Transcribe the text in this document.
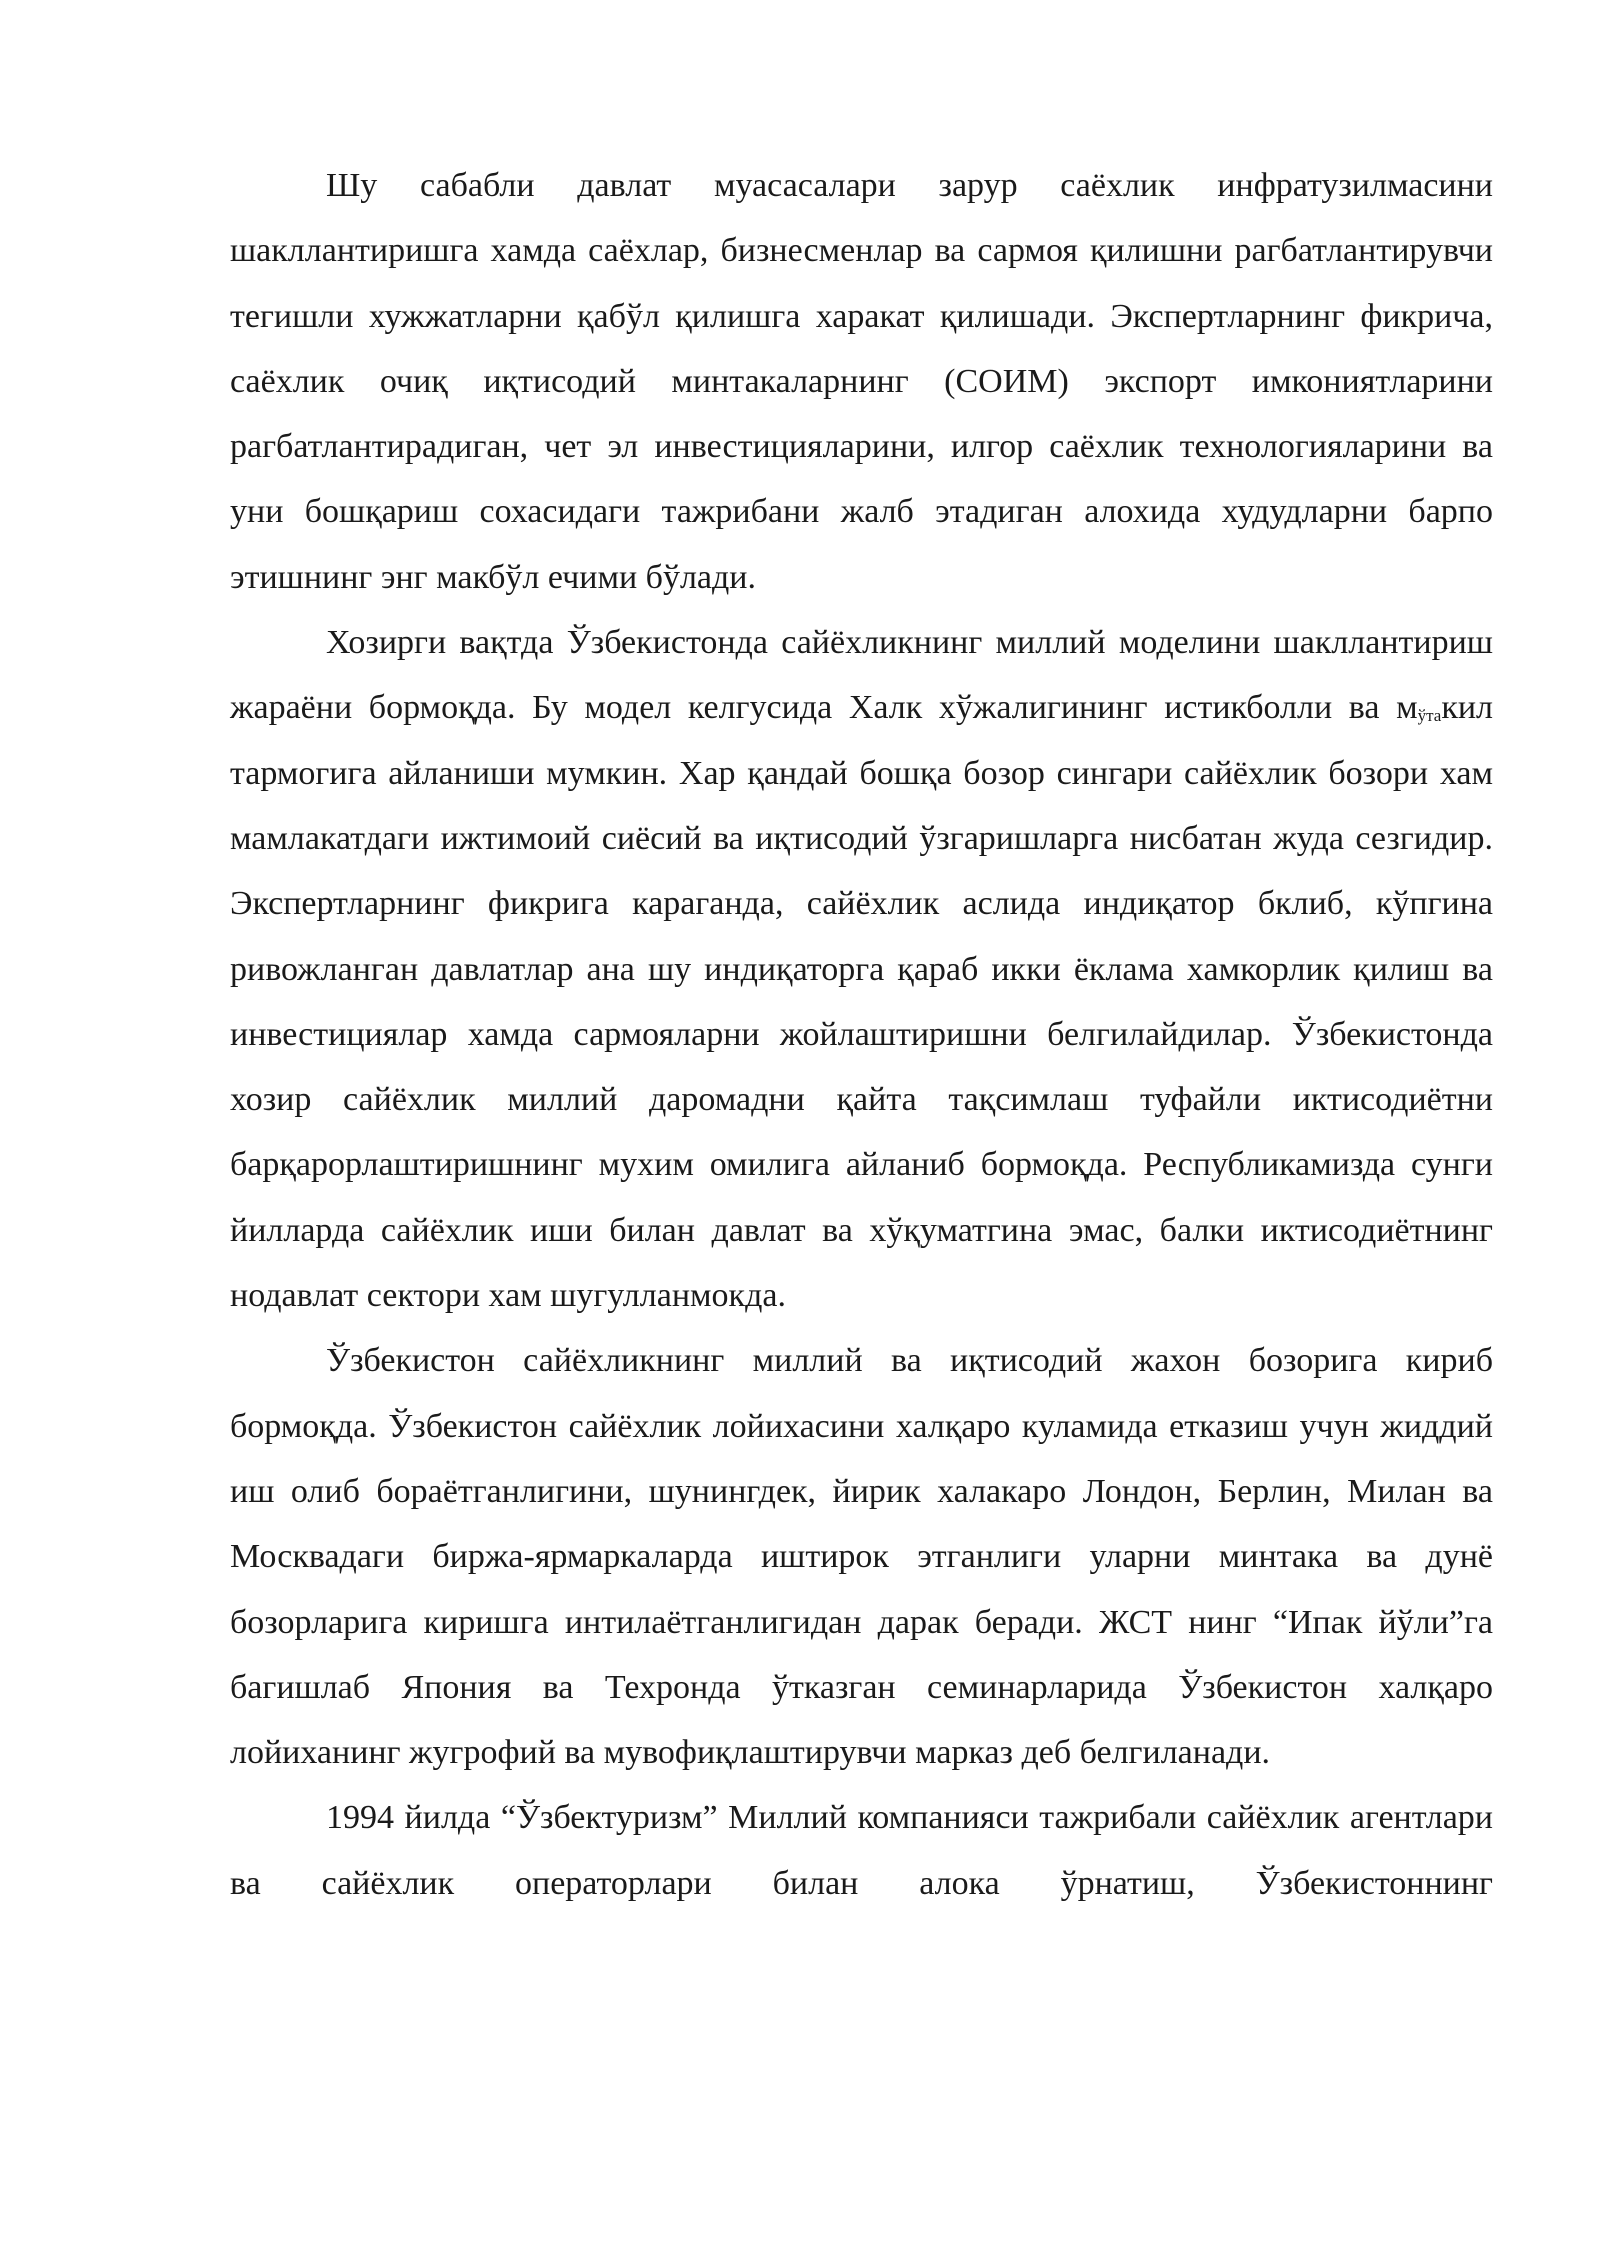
Шу сабабли давлат муасасалари зарур саёхлик инфратузилмасини шакллантиришга хамда саёхлар, бизнесменлар ва сармоя қилишни рагбатлантирувчи тегишли хужжатларни қабўл қилишга харакат қилишади. Экспертларнинг фикрича, саёхлик очиқ иқтисодий минтакаларнинг (СОИМ) экспорт имкониятларини рагбатлантирадиган, чет эл инвестицияларини, илгор саёхлик технологияларини ва уни бошқариш сохасидаги тажрибани жалб этадиган алохида худудларни барпо этишнинг энг макбўл ечими бўлади.

Хозирги вақтда Ўзбекистонда сайёхликнинг миллий моделини шакллантириш жараёни бормоқда. Бу модел келгусида Халк хўжалигининг истикболли ва мўтакил тармогига айланиши мумкин. Хар қандай бошқа бозор сингари сайёхлик бозори хам мамлакатдаги ижтимоий сиёсий ва иқтисодий ўзгаришларга нисбатан жуда сезгидир. Экспертларнинг фикрига караганда, сайёхлик аслида индиқатор бклиб, кўпгина ривожланган давлатлар ана шу индиқаторга қараб икки ёклама хамкорлик қилиш ва инвестициялар хамда сармояларни жойлаштиришни белгилайдилар. Ўзбекистонда хозир сайёхлик миллий даромадни қайта тақсимлаш туфайли иктисодиётни барқарорлаштиришнинг мухим омилига айланиб бормоқда. Республикамизда сунги йилларда сайёхлик иши билан давлат ва хўқуматгина эмас, балки иктисодиётнинг нодавлат сектори хам шугулланмокда.

Ўзбекистон сайёхликнинг миллий ва иқтисодий жахон бозорига кириб бормоқда. Ўзбекистон сайёхлик лойихасини халқаро куламида етказиш учун жиддий иш олиб бораётганлигини, шунингдек, йирик халакаро Лондон, Берлин, Милан ва Москвадаги биржа-ярмаркаларда иштирок этганлиги уларни минтака ва дунё бозорларига киришга интилаётганлигидан дарак беради. ЖСТ нинг “Ипак йўли”га багишлаб Япония ва Техронда ўтказган семинарларида Ўзбекистон халқаро лойиханинг жугрофий ва мувофиқлаштирувчи марказ деб белгиланади.

1994 йилда “Ўзбектуризм” Миллий компанияси тажрибали сайёхлик агентлари ва сайёхлик операторлари билан алока ўрнатиш, Ўзбекистоннинг
